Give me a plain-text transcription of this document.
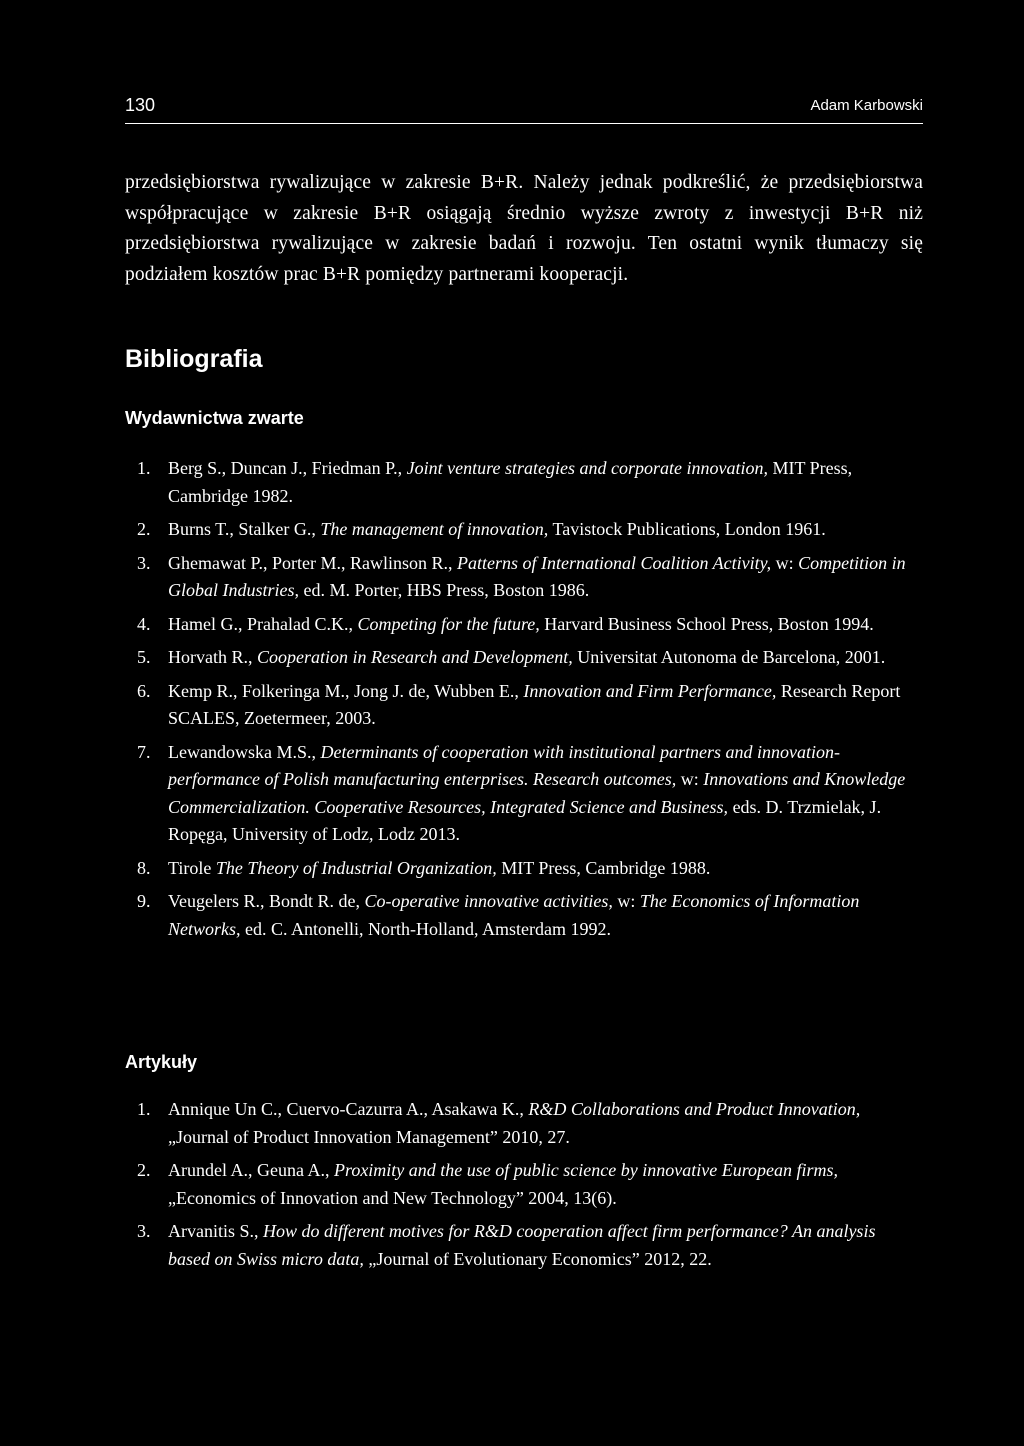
130	Adam Karbowski
przedsiębiorstwa rywalizujące w zakresie B+R. Należy jednak podkreślić, że przedsiębiorstwa współpracujące w zakresie B+R osiągają średnio wyższe zwroty z inwestycji B+R niż przedsiębiorstwa rywalizujące w zakresie badań i rozwoju. Ten ostatni wynik tłumaczy się podziałem kosztów prac B+R pomiędzy partnerami kooperacji.
Bibliografia
Wydawnictwa zwarte
1. Berg S., Duncan J., Friedman P., Joint venture strategies and corporate innovation, MIT Press, Cambridge 1982.
2. Burns T., Stalker G., The management of innovation, Tavistock Publications, London 1961.
3. Ghemawat P., Porter M., Rawlinson R., Patterns of International Coalition Activity, w: Competition in Global Industries, ed. M. Porter, HBS Press, Boston 1986.
4. Hamel G., Prahalad C.K., Competing for the future, Harvard Business School Press, Boston 1994.
5. Horvath R., Cooperation in Research and Development, Universitat Autonoma de Barcelona, 2001.
6. Kemp R., Folkeringa M., Jong J. de, Wubben E., Innovation and Firm Performance, Research Report SCALES, Zoetermeer, 2003.
7. Lewandowska M.S., Determinants of cooperation with institutional partners and innovation-performance of Polish manufacturing enterprises. Research outcomes, w: Innovations and Knowledge Commercialization. Cooperative Resources, Integrated Science and Business, eds. D. Trzmielak, J. Ropęga, University of Lodz, Lodz 2013.
8. Tirole The Theory of Industrial Organization, MIT Press, Cambridge 1988.
9. Veugelers R., Bondt R. de, Co-operative innovative activities, w: The Economics of Information Networks, ed. C. Antonelli, North-Holland, Amsterdam 1992.
Artykuły
1. Annique Un C., Cuervo-Cazurra A., Asakawa K., R&D Collaborations and Product Innovation, „Journal of Product Innovation Management” 2010, 27.
2. Arundel A., Geuna A., Proximity and the use of public science by innovative European firms, „Economics of Innovation and New Technology” 2004, 13(6).
3. Arvanitis S., How do different motives for R&D cooperation affect firm performance? An analysis based on Swiss micro data, „Journal of Evolutionary Economics” 2012, 22.
